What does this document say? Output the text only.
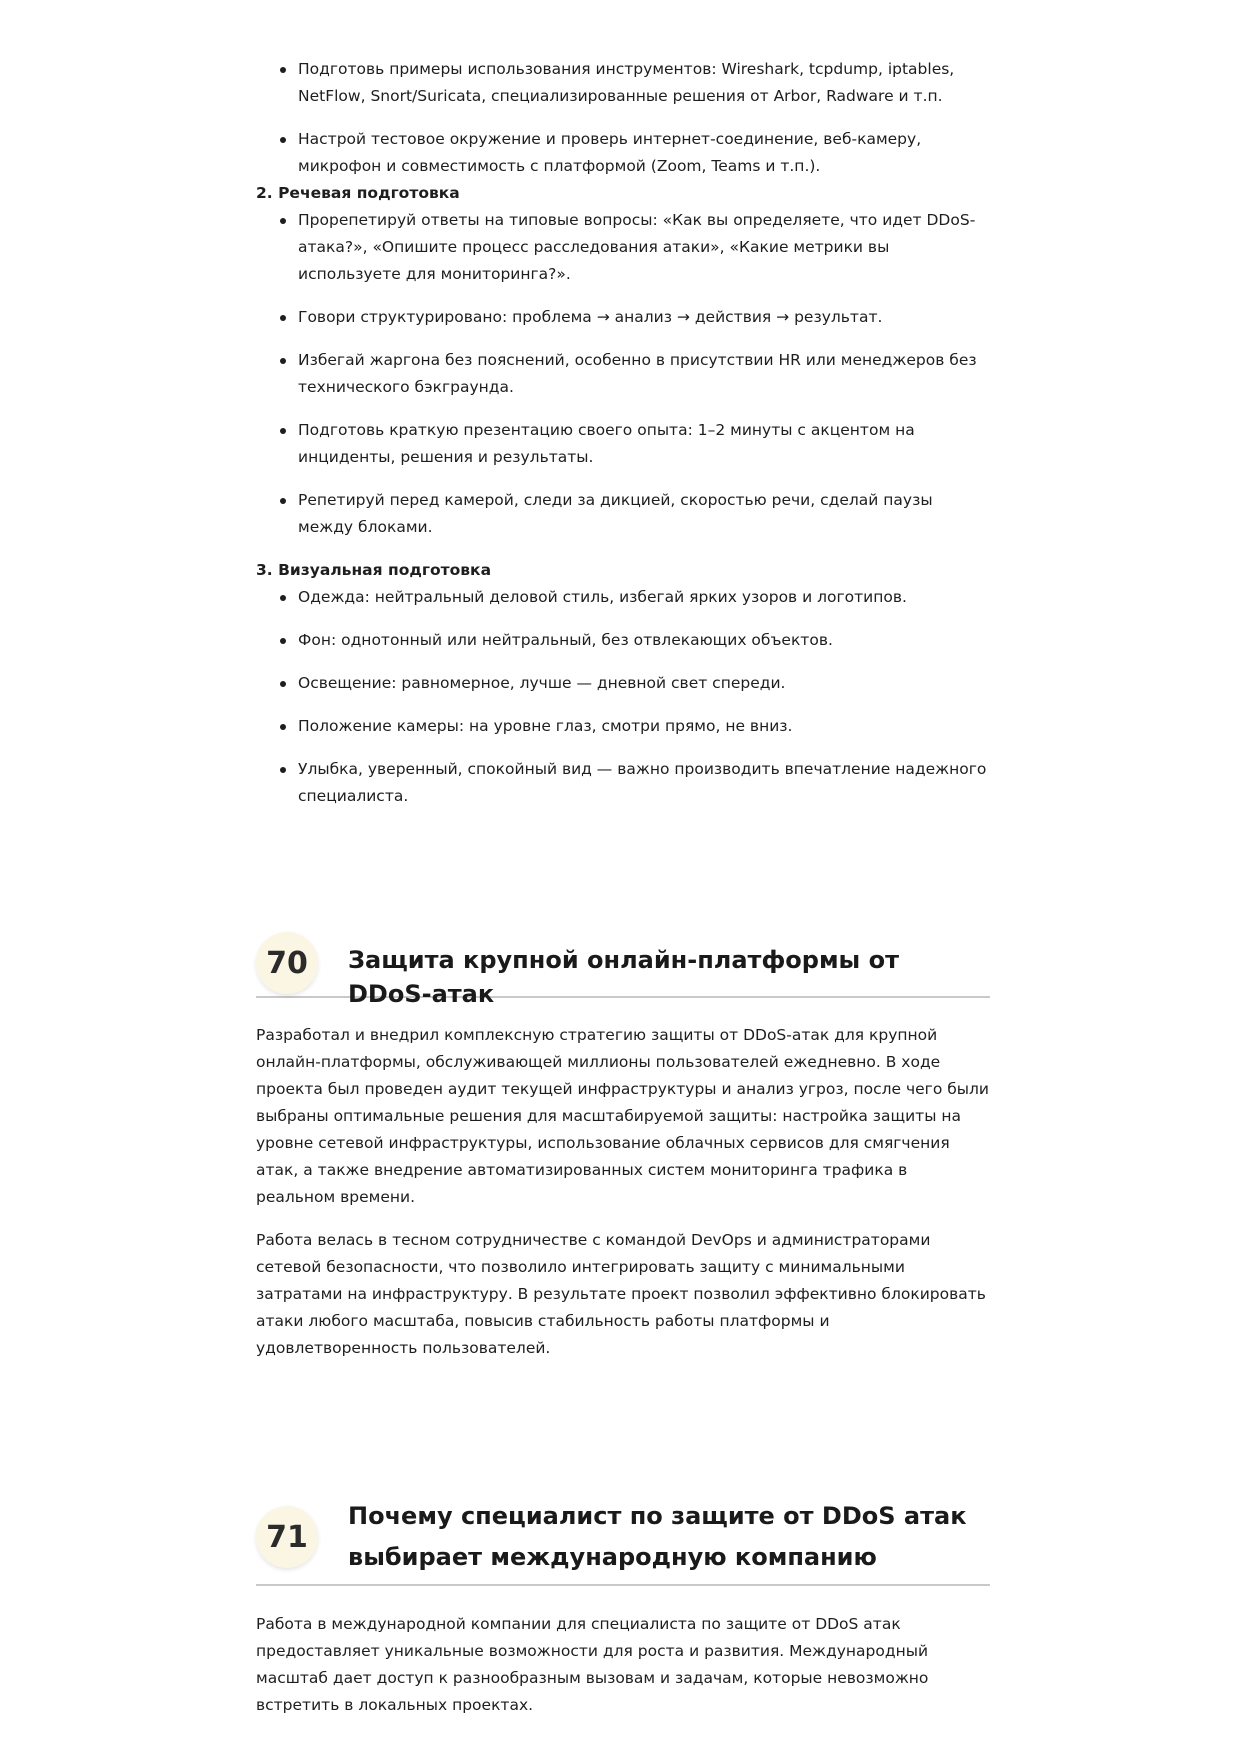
Подготовь примеры использования инструментов: Wireshark, tcpdump, iptables, NetFlow, Snort/Suricata, специализированные решения от Arbor, Radware и т.п.
Настрой тестовое окружение и проверь интернет-соединение, веб-камеру, микрофон и совместимость с платформой (Zoom, Teams и т.п.).
2. Речевая подготовка
Прорепетируй ответы на типовые вопросы: «Как вы определяете, что идет DDoS-атака?», «Опишите процесс расследования атаки», «Какие метрики вы используете для мониторинга?».
Говори структурировано: проблема → анализ → действия → результат.
Избегай жаргона без пояснений, особенно в присутствии HR или менеджеров без технического бэкграунда.
Подготовь краткую презентацию своего опыта: 1–2 минуты с акцентом на инциденты, решения и результаты.
Репетируй перед камерой, следи за дикцией, скоростью речи, сделай паузы между блоками.
3. Визуальная подготовка
Одежда: нейтральный деловой стиль, избегай ярких узоров и логотипов.
Фон: однотонный или нейтральный, без отвлекающих объектов.
Освещение: равномерное, лучше — дневной свет спереди.
Положение камеры: на уровне глаз, смотри прямо, не вниз.
Улыбка, уверенный, спокойный вид — важно производить впечатление надежного специалиста.
70	Защита крупной онлайн-платформы от DDoS-атак

Разработал и внедрил комплексную стратегию защиты от DDoS-атак для крупной онлайн-платформы, обслуживающей миллионы пользователей ежедневно. В ходе проекта был проведен аудит текущей инфраструктуры и анализ угроз, после чего были выбраны оптимальные решения для масштабируемой защиты: настройка защиты на уровне сетевой инфраструктуры, использование облачных сервисов для смягчения атак, а также внедрение автоматизированных систем мониторинга трафика в реальном времени.

Работа велась в тесном сотрудничестве с командой DevOps и администраторами сетевой безопасности, что позволило интегрировать защиту с минимальными затратами на инфраструктуру. В результате проект позволил эффективно блокировать атаки любого масштаба, повысив стабильность работы платформы и удовлетворенность пользователей.

71
Почему специалист по защите от DDoS атак выбирает международную компанию

Работа в международной компании для специалиста по защите от DDoS атак предоставляет уникальные возможности для роста и развития. Международный масштаб дает доступ к разнообразным вызовам и задачам, которые невозможно встретить в локальных проектах.
